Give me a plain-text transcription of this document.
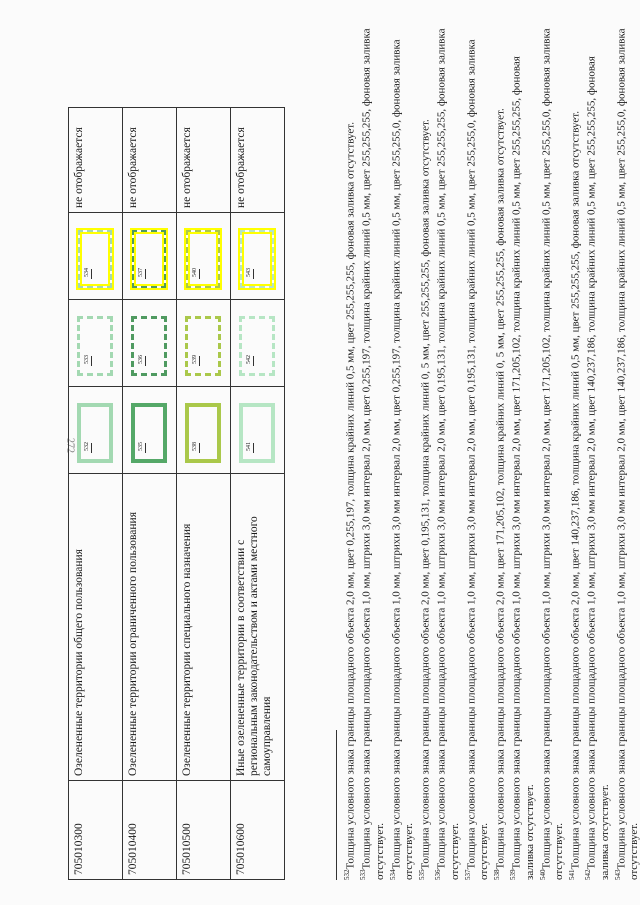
272
705010300	Озелененные территории общего пользования	$^{532}$	$^{533}$	$^{534}$	не отображается
705010400	Озелененные территории ограниченного пользования	$^{535}$	$^{536}$	$^{537}$	не отображается
705010500	Озелененные территории специального назначения	$^{538}$	$^{539}$	$^{540}$	не отображается
705010600	Иные озелененные территории в соответствии с региональным законодательством и актами местного самоуправления	$^{541}$	$^{542}$	$^{543}$	не отображается
$^{532}$Толщина условного знака границы площадного объекта 2,0 мм, цвет 0,255,197, толщина крайних линий 0,5 мм, цвет 255,255,255, фоновая заливка отсутствует.
$^{533}$Толщина условного знака границы площадного объекта 1,0 мм, штрихи 3,0 мм интервал 2,0 мм, цвет 0,255,197, толщина крайних линий 0,5 мм, цвет 255,255,255, фоновая заливка отсутствует. $^{534}$Толщина условного знака границы площадного объекта 1,0 мм, штрихи 3,0 мм интервал 2,0 мм, цвет 0,255,197, толщина крайних линий 0,5 мм, цвет 255,255,0, фоновая заливка отсутствует. $^{535}$Толщина условного знака границы площадного объекта 2,0 мм, цвет 0,195,131, толщина крайних линий 0, 5 мм, цвет 255,255,255, фоновая заливка отсутствует.
$^{536}$Толщина условного знака границы площадного объекта 1,0 мм, штрихи 3,0 мм интервал 2,0 мм, цвет 0,195,131, толщина крайних линий 0,5 мм, цвет 255,255,255, фоновая заливка отсутствует. $^{537}$Толщина условного знака границы площадного объекта 1,0 мм, штрихи 3,0 мм интервал 2,0 мм, цвет 0,195,131, толщина крайних линий 0,5 мм, цвет 255,255,0, фоновая заливка отсутствует. $^{538}$Толщина условного знака границы площадного объекта 2,0 мм, цвет 171,205,102, толщина крайних линий 0, 5 мм, цвет 255,255,255, фоновая заливка отсутствует.
$^{539}$Толщина условного знака границы площадного объекта 1,0 мм, штрихи 3,0 мм интервал 2,0 мм, цвет 171,205,102, толщина крайних линий 0,5 мм, цвет 255,255,255, фоновая заливка отсутствует. $^{540}$Толщина условного знака границы площадного объекта 1,0 мм, штрихи 3,0 мм интервал 2,0 мм, цвет 171,205,102, толщина крайних линий 0,5 мм, цвет 255,255,0, фоновая заливка отсутствует. $^{541}$Толщина условного знака границы площадного объекта 2,0 мм, цвет 140,237,186, толщина крайних линий 0,5 мм, цвет 255,255,255, фоновая заливка отсутствует.
$^{542}$Толщина условного знака границы площадного объекта 1,0 мм, штрихи 3,0 мм интервал 2,0 мм, цвет 140,237,186, толщина крайних линий 0,5 мм, цвет 255,255,255, фоновая заливка отсутствует. $^{543}$Толщина условного знака границы площадного объекта 1,0 мм, штрихи 3,0 мм интервал 2,0 мм, цвет 140,237,186, толщина крайних линий 0,5 мм, цвет 255,255,0, фоновая заливка отсутствует.
